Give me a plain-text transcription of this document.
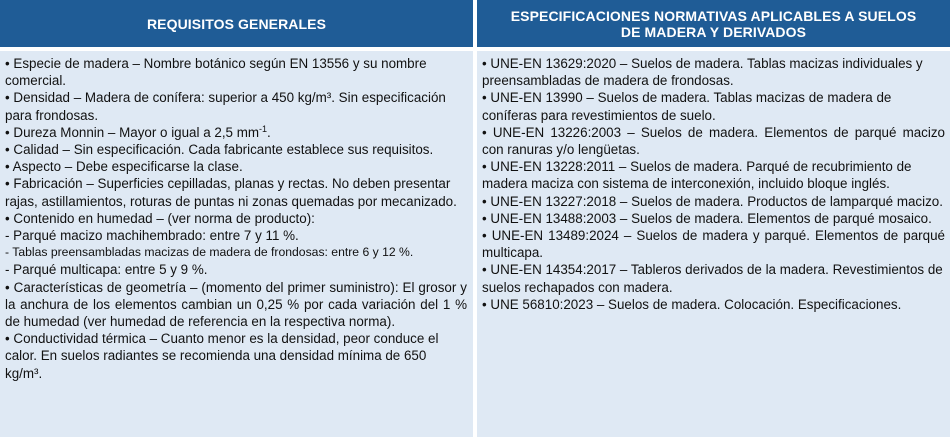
REQUISITOS GENERALES	ESPECIFICACIONES NORMATIVAS APLICABLES A SUELOS
DE MADERA Y DERIVADOS

• Especie de madera – Nombre botánico según EN 13556 y su nombre comercial.

• Densidad – Madera de conífera: superior a 450 kg/m³. Sin especificación para frondosas.

• Dureza Monnin – Mayor o igual a 2,5 $mm^{-1}$.

• Calidad – Sin especificación. Cada fabricante establece sus requisitos.

• Aspecto – Debe especificarse la clase.

• Fabricación – Superficies cepilladas, planas y rectas. No deben presentar rajas, astillamientos, roturas de puntas ni zonas quemadas por mecanizado.

• Contenido en humedad – (ver norma de producto):

- Parqué macizo machihembrado: entre 7 y 11 %.

- Tablas preensambladas macizas de madera de frondosas: entre 6 y 12 %.

- Parqué multicapa: entre 5 y 9 %.

• Características de geometría – (momento del primer suministro): El grosor y la anchura de los elementos cambian un 0,25 % por cada variación del 1 % de humedad (ver humedad de referencia en la respectiva norma).

• Conductividad térmica – Cuanto menor es la densidad, peor conduce el calor. En suelos radiantes se recomienda una densidad mínima de 650 kg/m³.

• UNE-EN 13629:2020 – Suelos de madera. Tablas macizas individuales y preensambladas de madera de frondosas.

• UNE-EN 13990 – Suelos de madera. Tablas macizas de madera de coníferas para revestimientos de suelo.

• UNE-EN 13226:2003 – Suelos de madera. Elementos de parqué macizo con ranuras y/o lengüetas.

• UNE-EN 13228:2011 – Suelos de madera. Parqué de recubrimiento de madera maciza con sistema de interconexión, incluido bloque inglés.

• UNE-EN 13227:2018 – Suelos de madera. Productos de lamparqué macizo.

• UNE-EN 13488:2003 – Suelos de madera. Elementos de parqué mosaico.

• UNE-EN 13489:2024 – Suelos de madera y parqué. Elementos de parqué multicapa.

• UNE-EN 14354:2017 – Tableros derivados de la madera. Revestimientos de suelos rechapados con madera.

• UNE 56810:2023 – Suelos de madera. Colocación. Especificaciones.
